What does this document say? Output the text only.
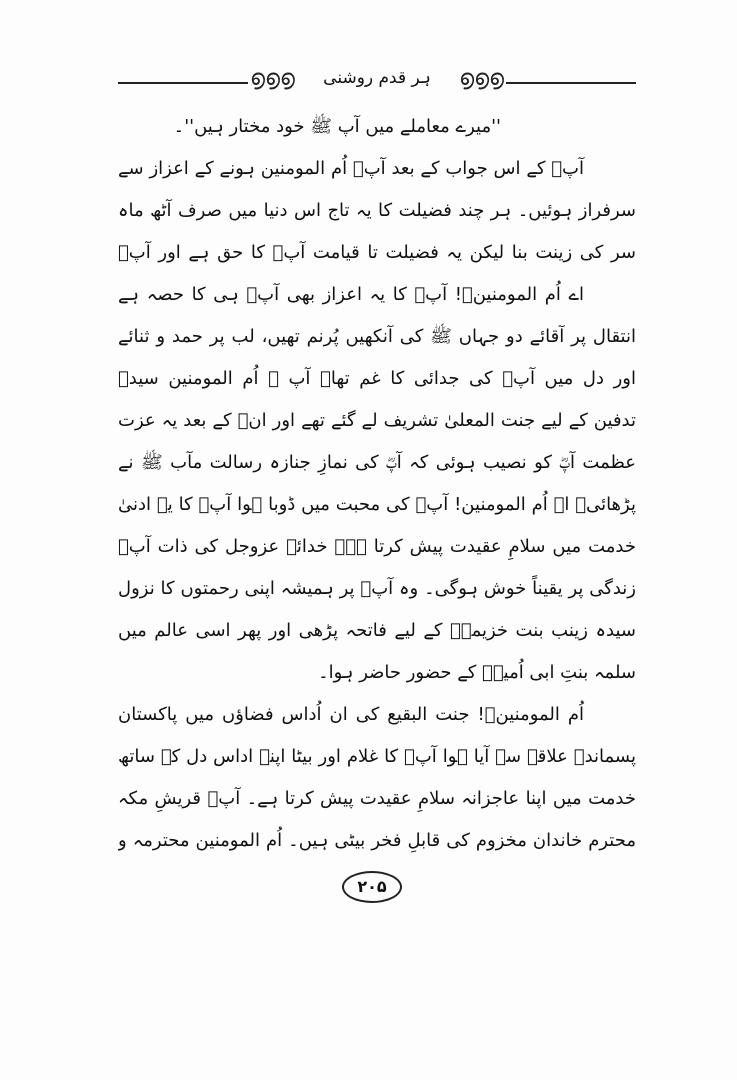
൭൭൭	ہر قدم روشنی	൭൭൭
''میرے معاملے میں آپ ﷺ خود مختار ہیں''۔
آپؓ کے اس جواب کے بعد آپؓ اُم المومنین ہونے کے اعزاز سے
سرفراز ہوئیں۔ ہر چند فضیلت کا یہ تاج اس دنیا میں صرف آٹھ ماہ
سر کی زینت بنا لیکن یہ فضیلت تا قیامت آپؓ کا حق ہے اور آپؓ
اے اُم المومنینؓ! آپؓ کا یہ اعزاز بھی آپؓ ہی کا حصہ ہے
انتقال پر آقائے دو جہاں ﷺ کی آنکھیں پُرنم تھیں، لب پر حمد و ثنائے
اور دل میں آپؓ کی جدائی کا غم تھا۔ آپ ﷺ اُم المومنین سیدہ
تدفین کے لیے جنت المعلیٰ تشریف لے گئے تھے اور انؓ کے بعد یہ عزت
عظمت آپؓ کو نصیب ہوئی کہ آپؓ کی نمازِ جنازہ رسالت مآب ﷺ نے
پڑھائی۔ اے اُم المومنین! آپؓ کی محبت میں ڈوبا ہوا آپؓ کا یہ ادنیٰ
خدمت میں سلامِ عقیدت پیش کرتا ہے۔ خدائے عزوجل کی ذات آپؓ
زندگی پر یقیناً خوش ہوگی۔ وہ آپؓ پر ہمیشہ اپنی رحمتوں کا نزول
سیدہ زینب بنت خزیمہؓ کے لیے فاتحہ پڑھی اور پھر اسی عالم میں
سلمہ بنتِ ابی اُمیہؓ کے حضور حاضر ہوا۔
اُم المومنینؓ! جنت البقیع کی ان اُداس فضاؤں میں پاکستان
پسماندہ علاقے سے آیا ہوا آپؓ کا غلام اور بیٹا اپنے اداس دل کے ساتھ
خدمت میں اپنا عاجزانہ سلامِ عقیدت پیش کرتا ہے۔ آپؓ قریشِ مکہ
محترم خاندان مخزوم کی قابلِ فخر بیٹی ہیں۔ اُم المومنین محترمہ و
۲۰۵
